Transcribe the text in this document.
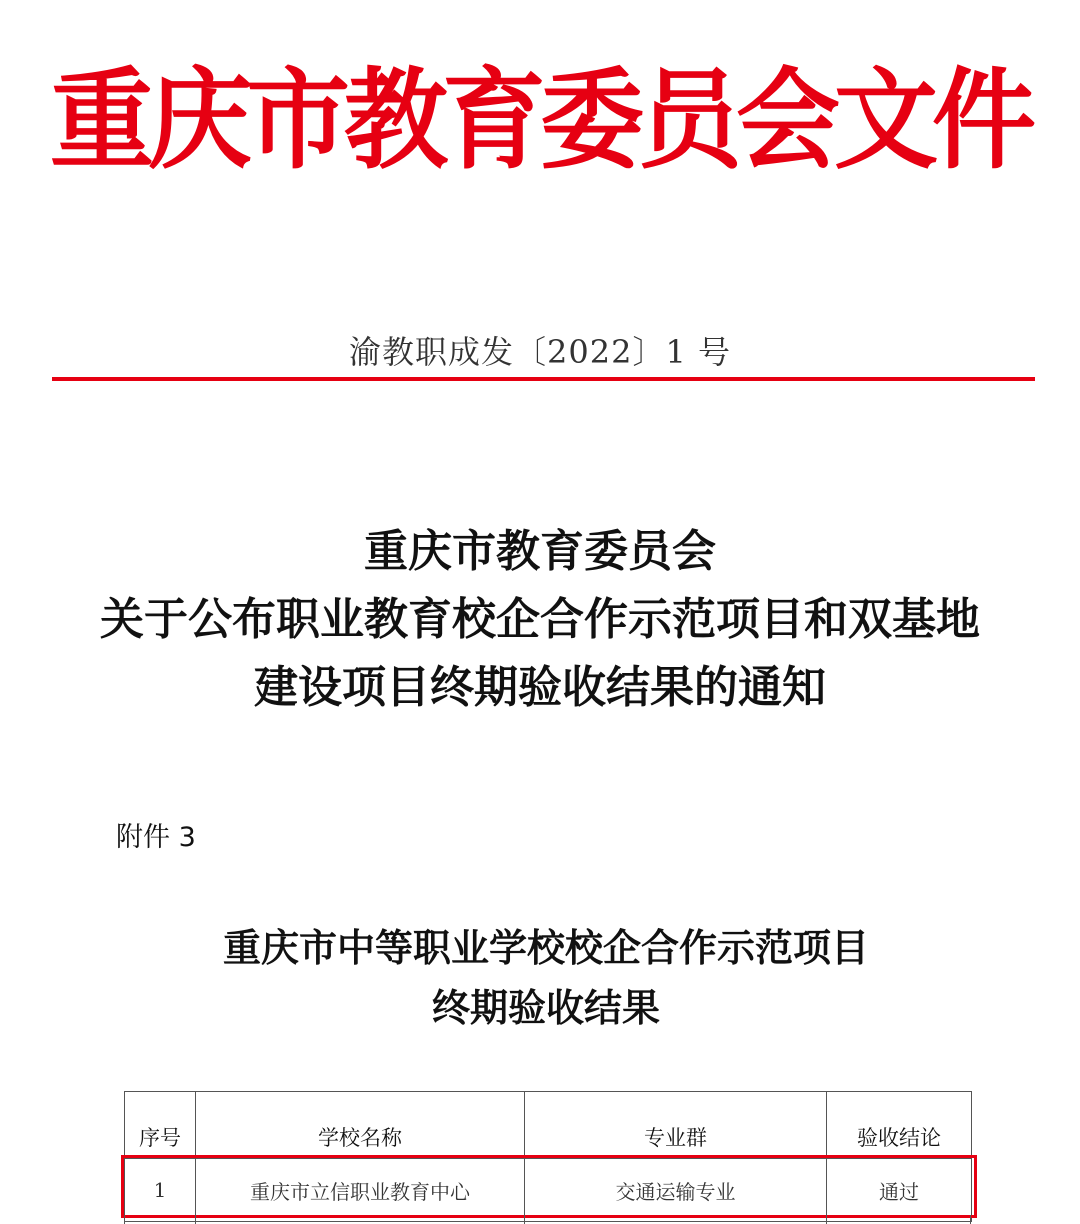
重庆市教育委员会文件
渝教职成发〔2022〕1 号
重庆市教育委员会
关于公布职业教育校企合作示范项目和双基地
建设项目终期验收结果的通知
附件 3
重庆市中等职业学校校企合作示范项目
终期验收结果
序号	学校名称	专业群	验收结论
1	重庆市立信职业教育中心	交通运输专业	通过
